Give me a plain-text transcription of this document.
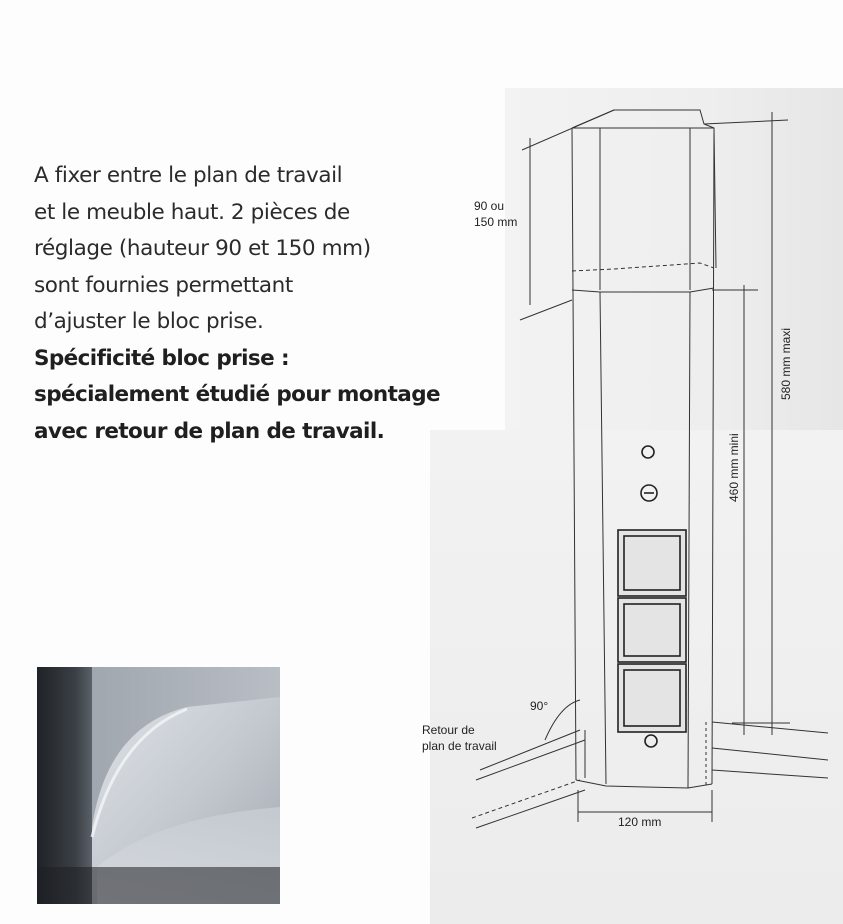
A fixer entre le plan de travail
et le meuble haut. 2 pièces de
réglage (hauteur 90 et 150 mm)
sont fournies permettant
d’ajuster le bloc prise.
Spécificité bloc prise :
spécialement étudié pour montage
avec retour de plan de travail.
90 ou
150 mm
580 mm maxi
460 mm mini
90°
Retour de
plan de travail
120 mm
